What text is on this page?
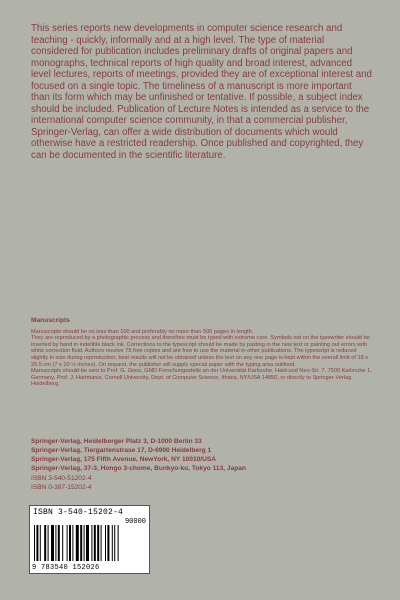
This series reports new developments in computer science research and teaching - quickly, informally and at a high level. The type of material considered for publication includes preliminary drafts of original papers and monographs, technical reports of high quality and broad interest, advanced level lectures, reports of meetings, provided they are of exceptional interest and focused on a single topic. The timeliness of a manuscript is more important than its form which may be unfinished or tentative. If possible, a subject index should be included. Publication of Lecture Notes is intended as a service to the international computer science community, in that a commercial publisher, Springer-Verlag, can offer a wide distribution of documents which would otherwise have a restricted readership. Once published and copyrighted, they can be documented in the scientific literature.

Manuscripts

Manuscripts should be no less than 100 and preferably no more than 500 pages in length.

They are reproduced by a photographic process and therefore must be typed with extreme care. Symbols not on the typewriter should be inserted by hand in indelible black ink. Corrections to the typescript should be made by pasting in the new text or painting out errors with white correction fluid. Authors receive 75 free copies and are free to use the material in other publications. The typescript is reduced slightly in size during reproduction; best results will not be obtained unless the text on any one page is kept within the overall limit of 18 x 26.5 cm (7 x 10 ½ inches). On request, the publisher will supply special paper with the typing area outlined.

Manuscripts should be sent to Prof. G. Goos, GMD Forschungsstelle an der Universität Karlsruhe, Haid-und Neu-Str. 7, 7500 Karlsruhe 1, Germany, Prof. J. Hartmanis, Cornell University, Dept. of Computer Science, Ithaca, NY/USA 14850, or directly to Springer-Verlag Heidelberg.

Springer-Verlag, Heidelberger Platz 3, D-1000 Berlin 33
Springer-Verlag, Tiergartenstrase 17, D-6900 Heidelberg 1
Springer-Verlag, 175 Fifth Avenue, NewYork, NY 10010/USA
Springer-Verlag, 37-3, Hongo 3-chome, Bunkyo-ku, Tokyo 113, Japan
ISBN 3-540-51202-4
ISBN 0-387-15202-4
ISBN 3-540-15202-4
90000
9 783540 152026
